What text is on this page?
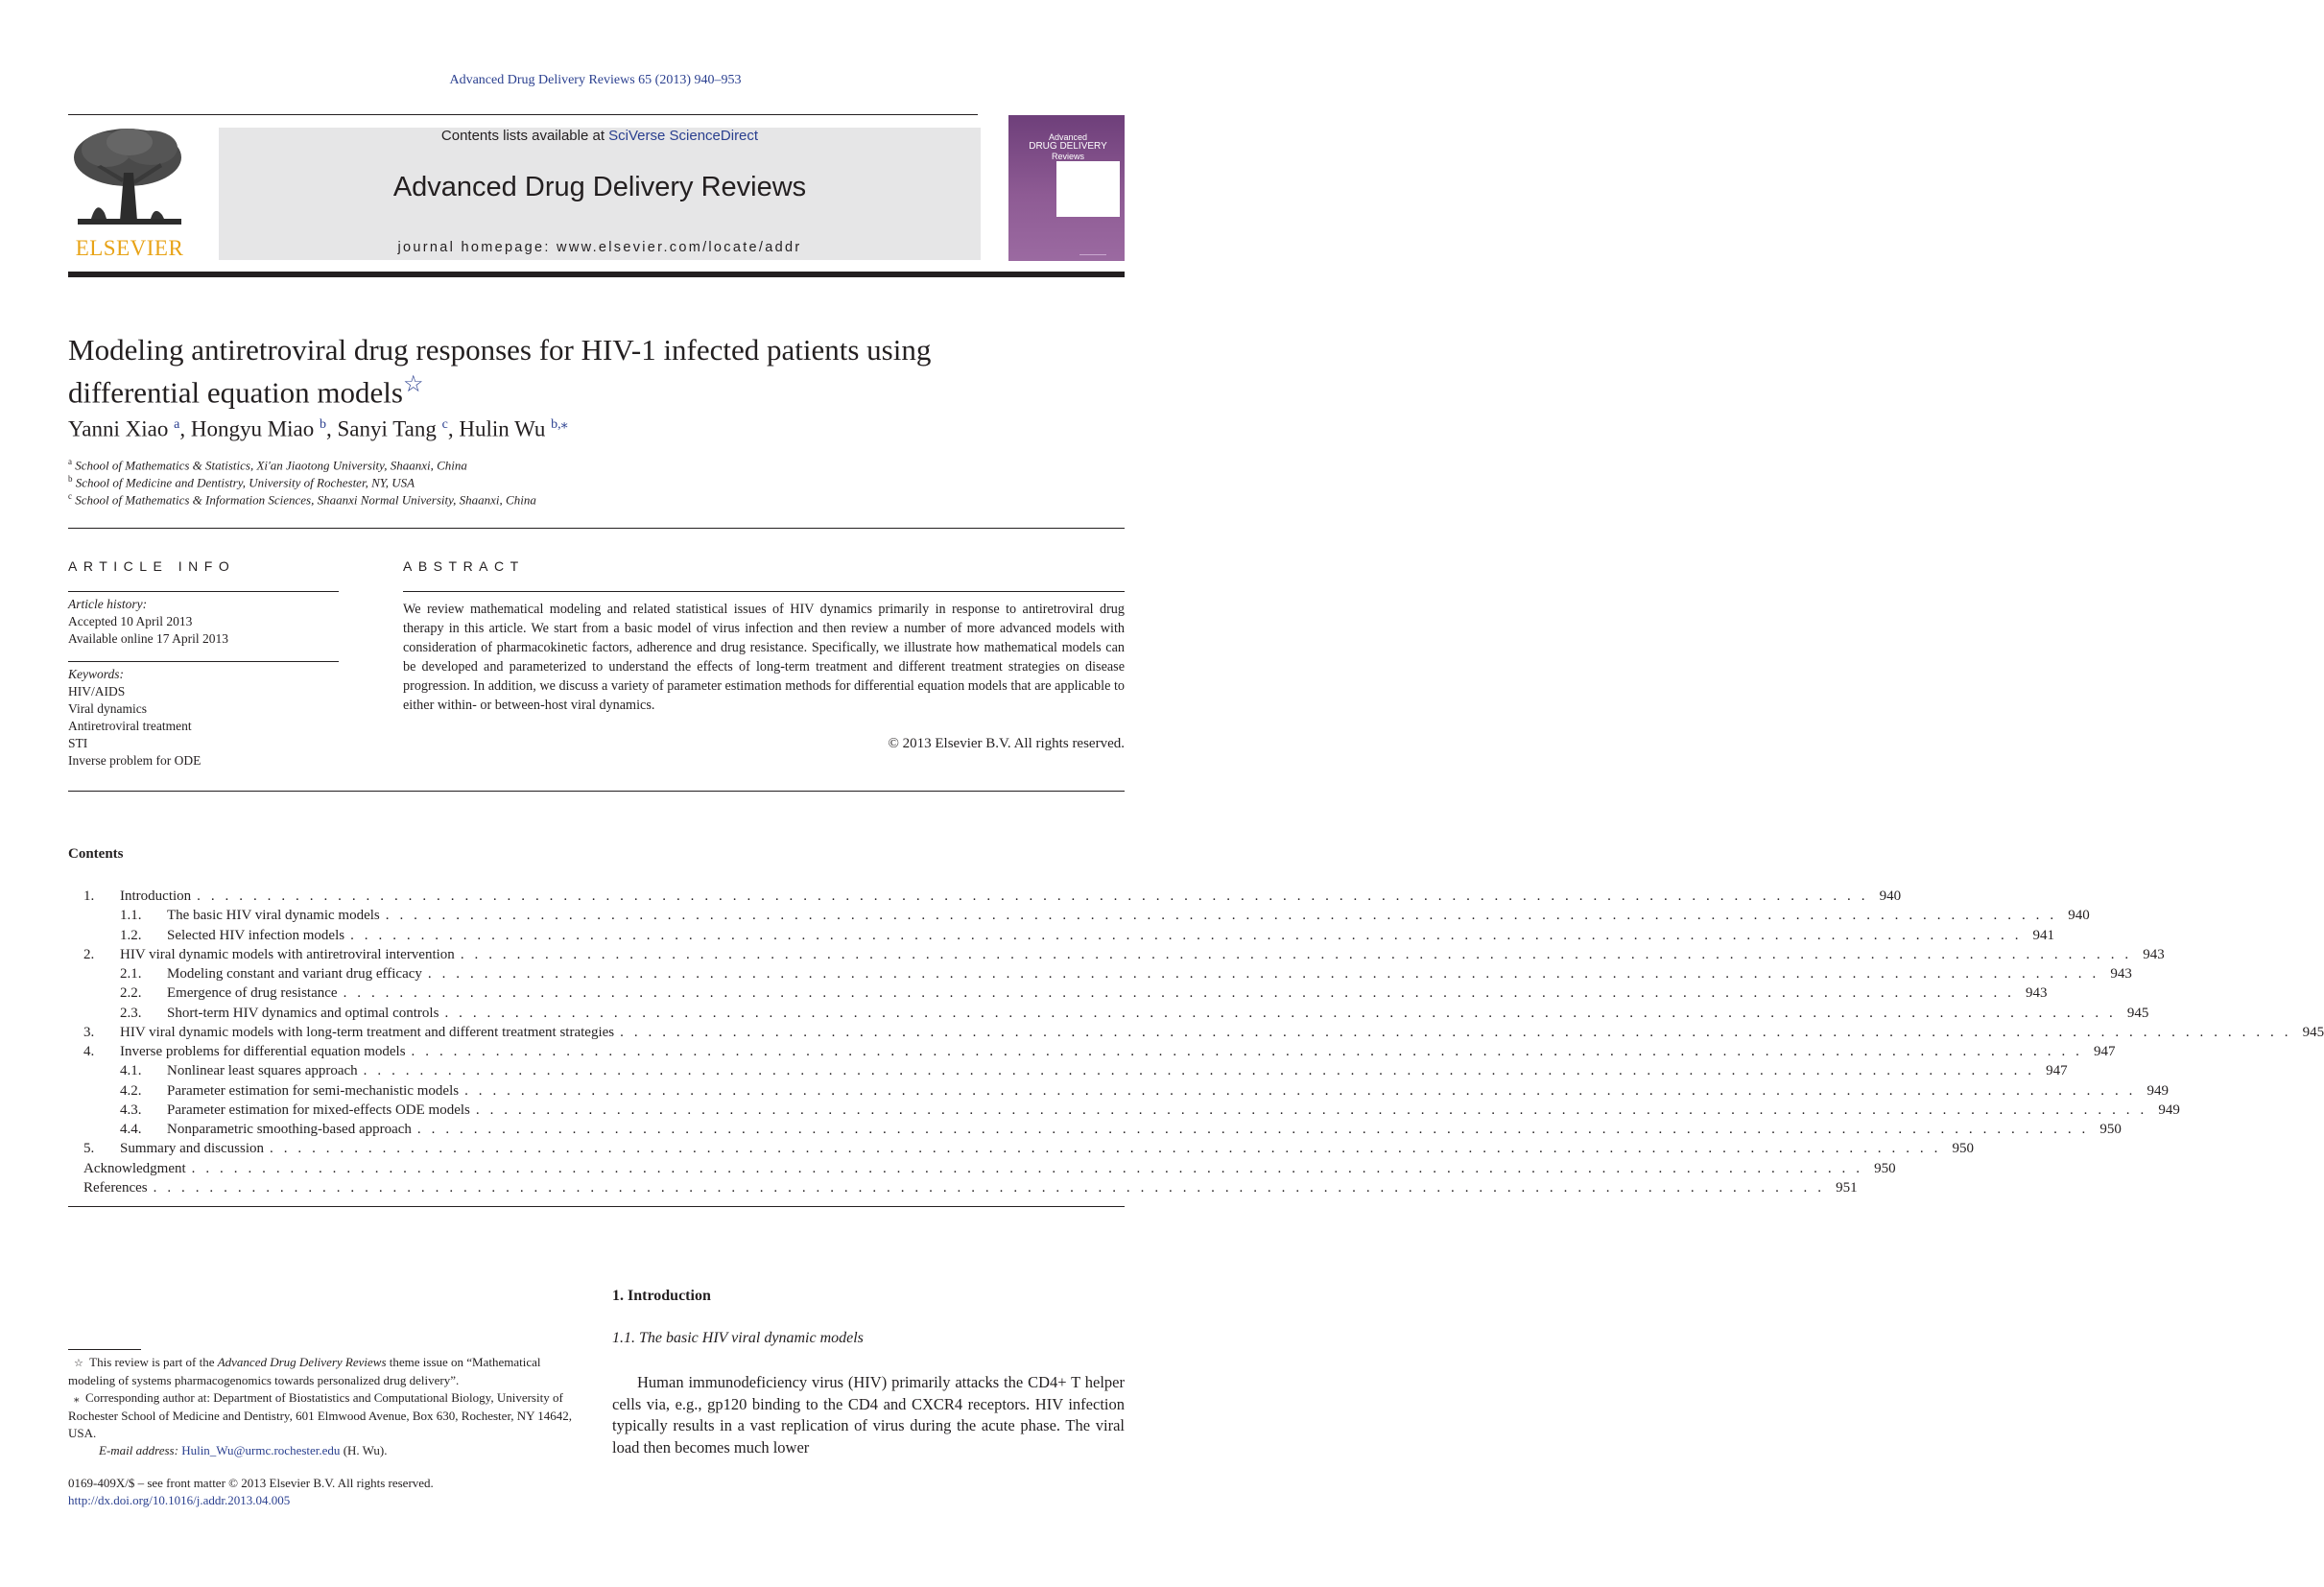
Advanced Drug Delivery Reviews 65 (2013) 940–953
ELSEVIER
Contents lists available at SciVerse ScienceDirect
Advanced Drug Delivery Reviews
journal homepage: www.elsevier.com/locate/addr
Advanced
DRUG DELIVERY
Reviews
Modeling antiretroviral drug responses for HIV-1 infected patients using differential equation models☆
Yanni Xiao $^a$, Hongyu Miao $^b$, Sanyi Tang $^c$, Hulin Wu $^{b,⁎}$
$^a$ School of Mathematics & Statistics, Xi'an Jiaotong University, Shaanxi, China
$^b$ School of Medicine and Dentistry, University of Rochester, NY, USA
$^c$ School of Mathematics & Information Sciences, Shaanxi Normal University, Shaanxi, China
ARTICLE INFO
Article history:
Accepted 10 April 2013
Available online 17 April 2013
Keywords:
HIV/AIDS
Viral dynamics
Antiretroviral treatment
STI
Inverse problem for ODE
ABSTRACT
We review mathematical modeling and related statistical issues of HIV dynamics primarily in response to antiretroviral drug therapy in this article. We start from a basic model of virus infection and then review a number of more advanced models with consideration of pharmacokinetic factors, adherence and drug resistance. Specifically, we illustrate how mathematical models can be developed and parameterized to understand the effects of long-term treatment and different treatment strategies on disease progression. In addition, we discuss a variety of parameter estimation methods for differential equation models that are applicable to either within- or between-host viral dynamics.
© 2013 Elsevier B.V. All rights reserved.
Contents
1.	Introduction . . . . . . . . . . . . . . . . . . . . . . . . . . . . . . . . . . . . . . . . . . . . . . . . . . . . . . . . . . . . . . . . . . . . . . . . . . . . . . . . . . . . . . . . . . . . . . . . . . . . . . . . . . . . . . . . . . . . . . . 940
1.1.	The basic HIV viral dynamic models . . . . . . . . . . . . . . . . . . . . . . . . . . . . . . . . . . . . . . . . . . . . . . . . . . . . . . . . . . . . . . . . . . . . . . . . . . . . . . . . . . . . . . . . . . . . . . . . . . . . . . . . . . . . . . . . . . . . . . . 940
1.2.	Selected HIV infection models . . . . . . . . . . . . . . . . . . . . . . . . . . . . . . . . . . . . . . . . . . . . . . . . . . . . . . . . . . . . . . . . . . . . . . . . . . . . . . . . . . . . . . . . . . . . . . . . . . . . . . . . . . . . . . . . . . . . . . . 941
2.	HIV viral dynamic models with antiretroviral intervention . . . . . . . . . . . . . . . . . . . . . . . . . . . . . . . . . . . . . . . . . . . . . . . . . . . . . . . . . . . . . . . . . . . . . . . . . . . . . . . . . . . . . . . . . . . . . . . . . . . . . . . . . . . . . . . . . . . . . . . 943
2.1.	Modeling constant and variant drug efficacy . . . . . . . . . . . . . . . . . . . . . . . . . . . . . . . . . . . . . . . . . . . . . . . . . . . . . . . . . . . . . . . . . . . . . . . . . . . . . . . . . . . . . . . . . . . . . . . . . . . . . . . . . . . . . . . . . . . . . . . 943
2.2.	Emergence of drug resistance . . . . . . . . . . . . . . . . . . . . . . . . . . . . . . . . . . . . . . . . . . . . . . . . . . . . . . . . . . . . . . . . . . . . . . . . . . . . . . . . . . . . . . . . . . . . . . . . . . . . . . . . . . . . . . . . . . . . . . . 943
2.3.	Short-term HIV dynamics and optimal controls . . . . . . . . . . . . . . . . . . . . . . . . . . . . . . . . . . . . . . . . . . . . . . . . . . . . . . . . . . . . . . . . . . . . . . . . . . . . . . . . . . . . . . . . . . . . . . . . . . . . . . . . . . . . . . . . . . . . . . . 945
3.	HIV viral dynamic models with long-term treatment and different treatment strategies . . . . . . . . . . . . . . . . . . . . . . . . . . . . . . . . . . . . . . . . . . . . . . . . . . . . . . . . . . . . . . . . . . . . . . . . . . . . . . . . . . . . . . . . . . . . . . . . . . . . . . . . . . . . . . . . . . . . . . . 945
4.	Inverse problems for differential equation models . . . . . . . . . . . . . . . . . . . . . . . . . . . . . . . . . . . . . . . . . . . . . . . . . . . . . . . . . . . . . . . . . . . . . . . . . . . . . . . . . . . . . . . . . . . . . . . . . . . . . . . . . . . . . . . . . . . . . . . 947
4.1.	Nonlinear least squares approach . . . . . . . . . . . . . . . . . . . . . . . . . . . . . . . . . . . . . . . . . . . . . . . . . . . . . . . . . . . . . . . . . . . . . . . . . . . . . . . . . . . . . . . . . . . . . . . . . . . . . . . . . . . . . . . . . . . . . . . 947
4.2.	Parameter estimation for semi-mechanistic models . . . . . . . . . . . . . . . . . . . . . . . . . . . . . . . . . . . . . . . . . . . . . . . . . . . . . . . . . . . . . . . . . . . . . . . . . . . . . . . . . . . . . . . . . . . . . . . . . . . . . . . . . . . . . . . . . . . . . . . 949
4.3.	Parameter estimation for mixed-effects ODE models . . . . . . . . . . . . . . . . . . . . . . . . . . . . . . . . . . . . . . . . . . . . . . . . . . . . . . . . . . . . . . . . . . . . . . . . . . . . . . . . . . . . . . . . . . . . . . . . . . . . . . . . . . . . . . . . . . . . . . . 949
4.4.	Nonparametric smoothing-based approach . . . . . . . . . . . . . . . . . . . . . . . . . . . . . . . . . . . . . . . . . . . . . . . . . . . . . . . . . . . . . . . . . . . . . . . . . . . . . . . . . . . . . . . . . . . . . . . . . . . . . . . . . . . . . . . . . . . . . . . 950
5.	Summary and discussion . . . . . . . . . . . . . . . . . . . . . . . . . . . . . . . . . . . . . . . . . . . . . . . . . . . . . . . . . . . . . . . . . . . . . . . . . . . . . . . . . . . . . . . . . . . . . . . . . . . . . . . . . . . . . . . . . . . . . . . 950
Acknowledgment . . . . . . . . . . . . . . . . . . . . . . . . . . . . . . . . . . . . . . . . . . . . . . . . . . . . . . . . . . . . . . . . . . . . . . . . . . . . . . . . . . . . . . . . . . . . . . . . . . . . . . . . . . . . . . . . . . . . . . . 950
References . . . . . . . . . . . . . . . . . . . . . . . . . . . . . . . . . . . . . . . . . . . . . . . . . . . . . . . . . . . . . . . . . . . . . . . . . . . . . . . . . . . . . . . . . . . . . . . . . . . . . . . . . . . . . . . . . . . . . . . 951
1. Introduction
1.1. The basic HIV viral dynamic models
Human immunodeficiency virus (HIV) primarily attacks the CD4+ T helper cells via, e.g., gp120 binding to the CD4 and CXCR4 receptors. HIV infection typically results in a vast replication of virus during the acute phase. The viral load then becomes much lower

☆ This review is part of the Advanced Drug Delivery Reviews theme issue on “Mathematical modeling of systems pharmacogenomics towards personalized drug delivery”.

⁎ Corresponding author at: Department of Biostatistics and Computational Biology, University of Rochester School of Medicine and Dentistry, 601 Elmwood Avenue, Box 630, Rochester, NY 14642, USA.

E-mail address: Hulin_Wu@urmc.rochester.edu (H. Wu).

0169-409X/$ – see front matter © 2013 Elsevier B.V. All rights reserved.
http://dx.doi.org/10.1016/j.addr.2013.04.005
